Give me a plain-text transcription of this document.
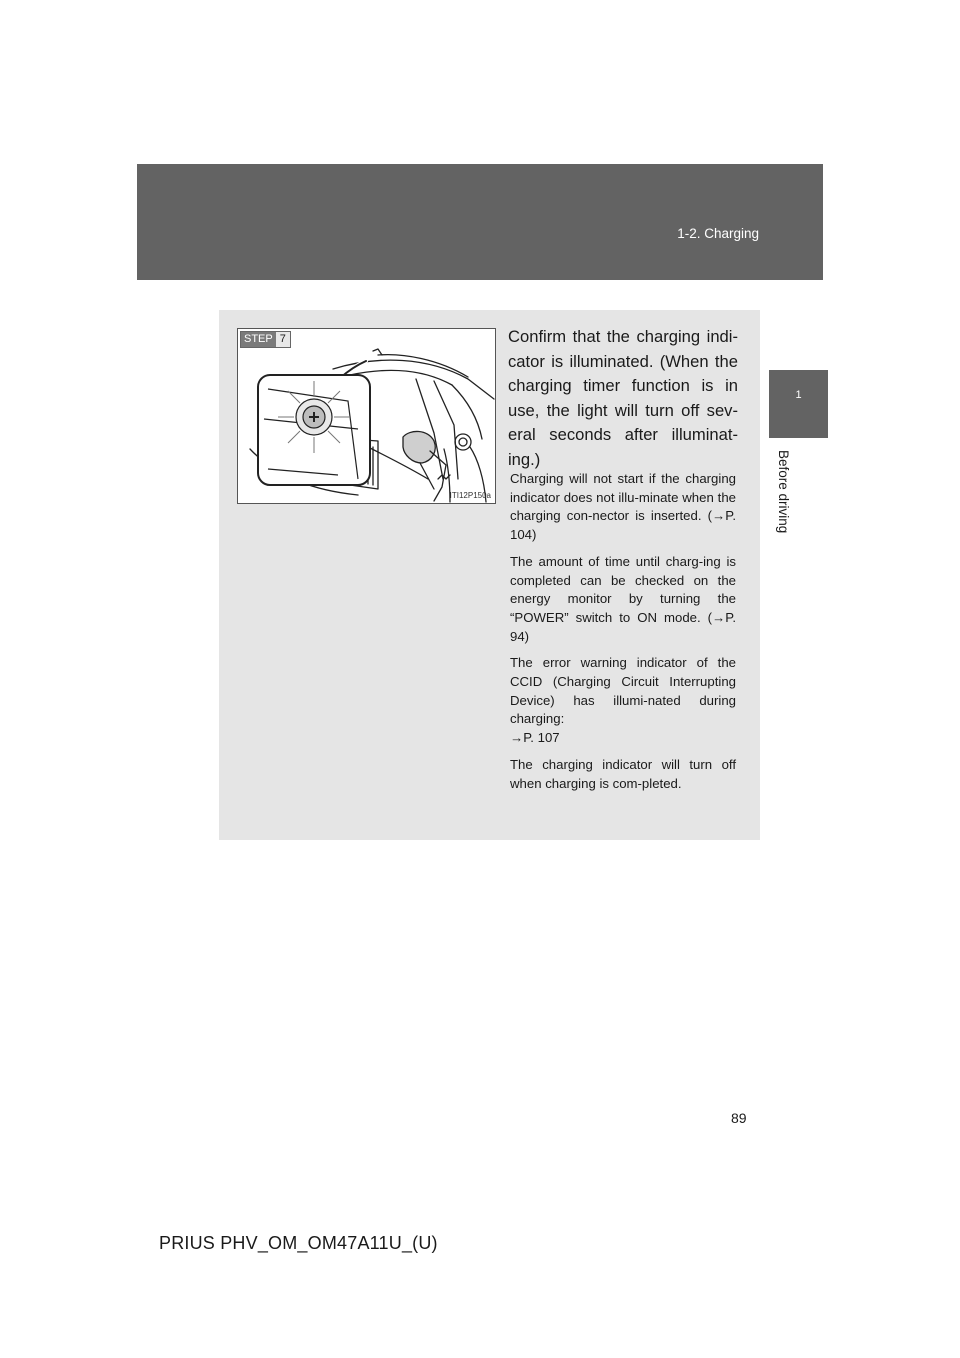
1-2. Charging
1
Before driving
STEP 7
ITI12P150a
Confirm that the charging indi-cator is illuminated. (When the charging timer function is in use, the light will turn off sev-eral seconds after illuminat-ing.)
Charging will not start if the charging indicator does not illu-minate when the charging con-nector is inserted. (→P. 104)
The amount of time until charg-ing is completed can be checked on the energy monitor by turning the “POWER” switch to ON mode. (→P. 94)
The error warning indicator of the CCID (Charging Circuit Interrupting Device) has illumi-nated during charging:
→P. 107
The charging indicator will turn off when charging is com-pleted.
89
PRIUS PHV_OM_OM47A11U_(U)
